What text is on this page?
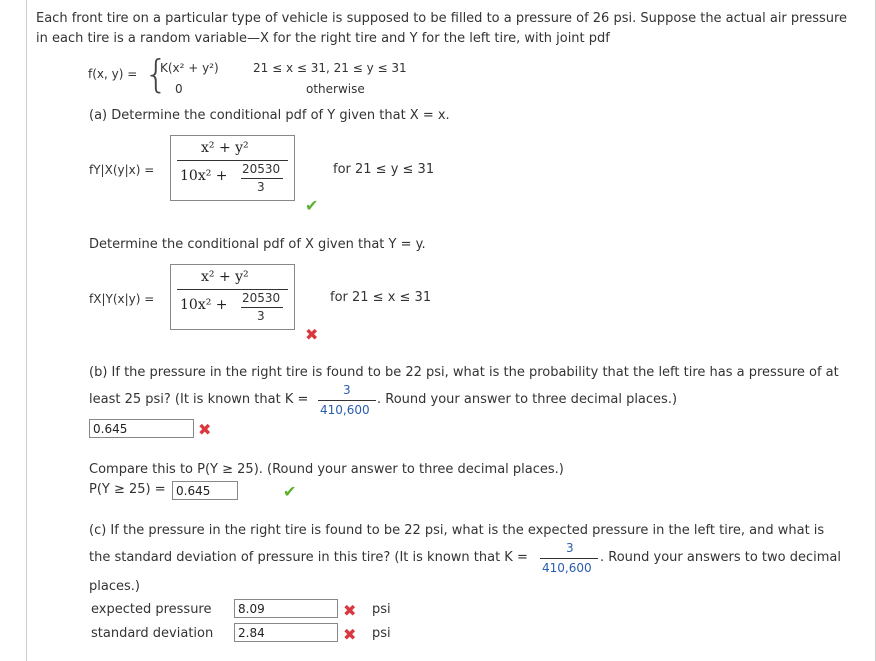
Each front tire on a particular type of vehicle is supposed to be filled to a pressure of 26 psi. Suppose the actual air pressure
in each tire is a random variable—X for the right tire and Y for the left tire, with joint pdf
f(x, y) = {
K(x² + y²)	21 ≤ x ≤ 31, 21 ≤ y ≤ 31
0	otherwise
(a) Determine the conditional pdf of Y given that X = x.
fY|X(y|x) =
x² + y²
10x² + 20530
3
for 21 ≤ y ≤ 31
✔
Determine the conditional pdf of X given that Y = y.
fX|Y(x|y) =
x² + y²
10x² + 20530
3
for 21 ≤ x ≤ 31
✖
(b) If the pressure in the right tire is found to be 22 psi, what is the probability that the left tire has a pressure of at
least 25 psi? (It is known that K =
3
410,600
. Round your answer to three decimal places.)
0.645	✖
Compare this to P(Y ≥ 25). (Round your answer to three decimal places.)
P(Y ≥ 25) = 0.645	✔
(c) If the pressure in the right tire is found to be 22 psi, what is the expected pressure in the left tire, and what is
the standard deviation of pressure in this tire? (It is known that K =
3
410,600
. Round your answers to two decimal
places.)
expected pressure	8.09	✖ psi
standard deviation	2.84	✖ psi
